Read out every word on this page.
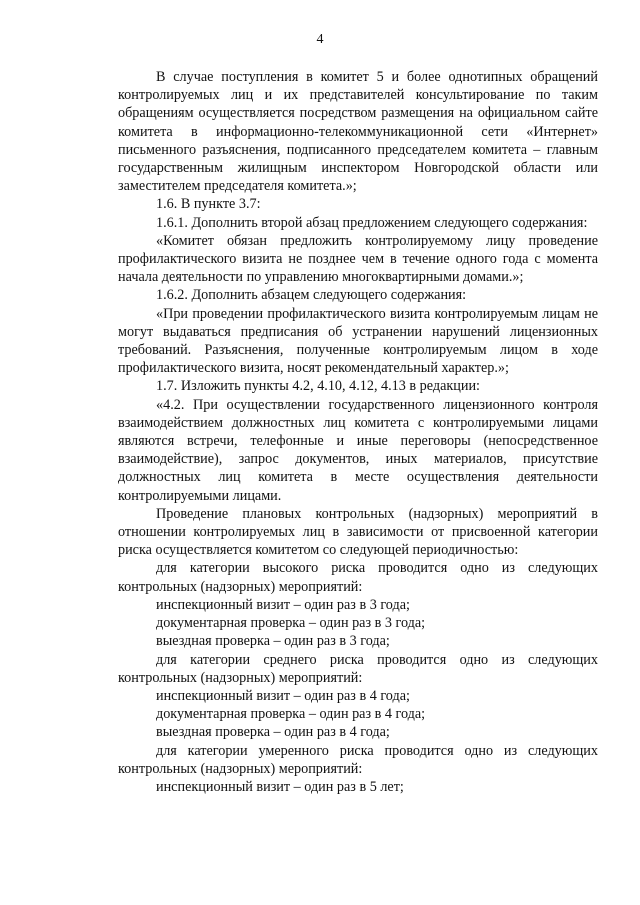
4

В случае поступления в комитет 5 и более однотипных обращений контролируемых лиц и их представителей консультирование по таким обращениям осуществляется посредством размещения на официальном сайте комитета в информационно-телекоммуникационной сети «Интернет» письменного разъяснения, подписанного председателем комитета – главным государственным жилищным инспектором Новгородской области или заместителем председателя комитета.»;

1.6. В пункте 3.7:

1.6.1. Дополнить второй абзац предложением следующего содержания:

«Комитет обязан предложить контролируемому лицу проведение профилактического визита не позднее чем в течение одного года с момента начала деятельности по управлению многоквартирными домами.»;

1.6.2. Дополнить абзацем следующего содержания:

«При проведении профилактического визита контролируемым лицам не могут выдаваться предписания об устранении нарушений лицензионных требований. Разъяснения, полученные контролируемым лицом в ходе профилактического визита, носят рекомендательный характер.»;

1.7. Изложить пункты 4.2, 4.10, 4.12, 4.13 в редакции:

«4.2. При осуществлении государственного лицензионного контроля взаимодействием должностных лиц комитета с контролируемыми лицами являются встречи, телефонные и иные переговоры (непосредственное взаимодействие), запрос документов, иных материалов, присутствие должностных лиц комитета в месте осуществления деятельности контролируемыми лицами.

Проведение плановых контрольных (надзорных) мероприятий в отношении контролируемых лиц в зависимости от присвоенной категории риска осуществляется комитетом со следующей периодичностью:

для категории высокого риска проводится одно из следующих контрольных (надзорных) мероприятий:

инспекционный визит – один раз в 3 года;

документарная проверка – один раз в 3 года;

выездная проверка – один раз в 3 года;

для категории среднего риска проводится одно из следующих контрольных (надзорных) мероприятий:

инспекционный визит – один раз в 4 года;

документарная проверка – один раз в 4 года;

выездная проверка – один раз в 4 года;

для категории умеренного риска проводится одно из следующих контрольных (надзорных) мероприятий:

инспекционный визит – один раз в 5 лет;
